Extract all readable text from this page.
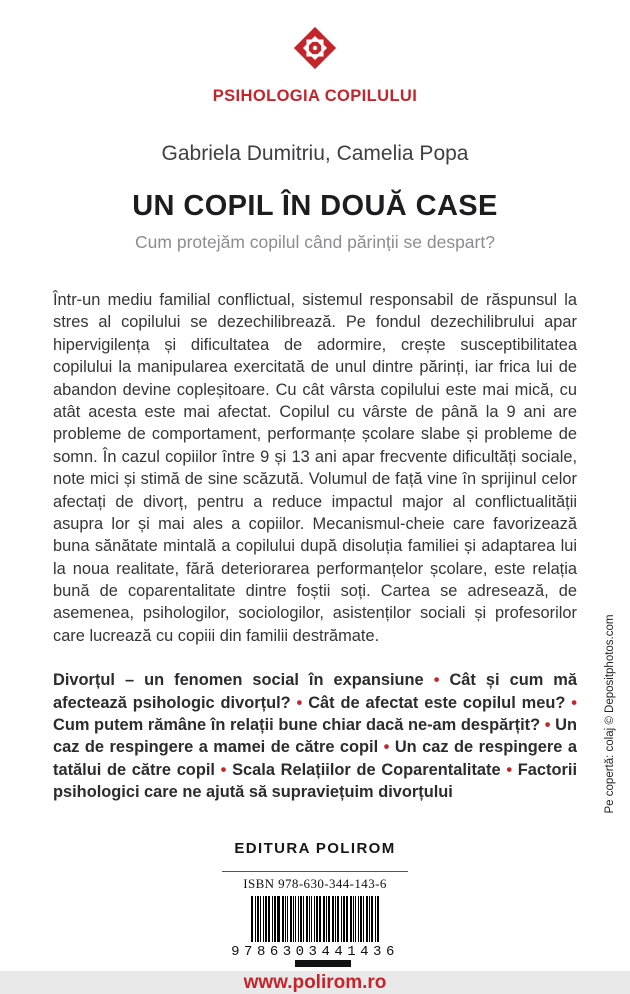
PSIHOLOGIA COPILULUI
Gabriela Dumitriu, Camelia Popa
UN COPIL ÎN DOUĂ CASE
Cum protejăm copilul când părinții se despart?

Într-un mediu familial conflictual, sistemul responsabil de răspunsul la stres al copilului se dezechilibrează. Pe fondul dezechilibrului apar hipervigilența și dificultatea de adormire, crește susceptibilitatea copilului la manipularea exercitată de unul dintre părinți, iar frica lui de abandon devine copleșitoare. Cu cât vârsta copilului este mai mică, cu atât acesta este mai afectat. Copilul cu vârste de până la 9 ani are probleme de comportament, performanțe școlare slabe și probleme de somn. În cazul copiilor între 9 și 13 ani apar frecvente dificultăți sociale, note mici și stimă de sine scăzută. Volumul de față vine în sprijinul celor afectați de divorț, pentru a reduce impactul major al conflictualității asupra lor și mai ales a copiilor. Mecanismul-cheie care favorizează buna sănătate mintală a copilului după disoluția familiei și adaptarea lui la noua realitate, fără deteriorarea performanțelor școlare, este relația bună de coparentalitate dintre foștii soți. Cartea se adresează, de asemenea, psihologilor, sociologilor, asistenților sociali și profesorilor care lucrează cu copiii din familii destrămate.

Divorțul – un fenomen social în expansiune • Cât și cum mă afectează psihologic divorțul? • Cât de afectat este copilul meu? • Cum putem rămâne în relații bune chiar dacă ne-am despărțit? • Un caz de respingere a mamei de către copil • Un caz de respingere a tatălui de către copil • Scala Relațiilor de Coparentalitate • Factorii psihologici care ne ajută să supraviețuim divorțului

EDITURA POLIROM
ISBN 978-630-344-143-6
9786303441436
www.polirom.ro
Pe copertă: colaj © Depositphotos.com
